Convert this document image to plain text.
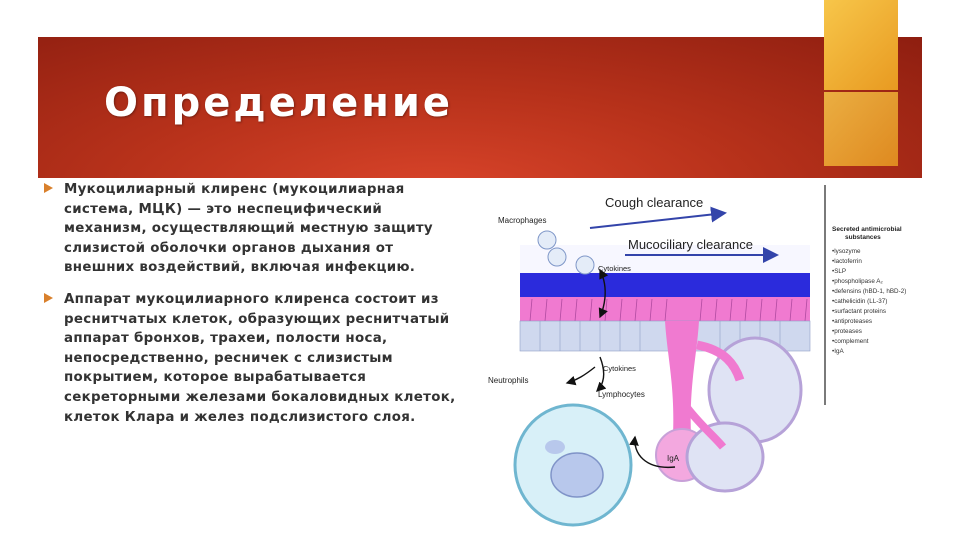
Определение

Мукоцилиарный клиренс (мукоцилиарная система, МЦК) — это неспецифический механизм, осуществляющий местную защиту слизистой оболочки органов дыхания от внешних воздействий, включая инфекцию.

Аппарат мукоцилиарного клиренса состоит из реснитчатых клеток, образующих реснитчатый аппарат бронхов, трахеи, полости носа, непосредственно, ресничек с слизистым покрытием, которое вырабатывается секреторными железами бокаловидных клеток, клеток Клара и желез подслизистого слоя.

Macrophages
Cough clearance
Mucociliary clearance
Cytokines
Cytokines
Neutrophils
Lymphocytes
IgA
Secreted antimicrobial
substances
•lysozyme
•lactoferrin
•SLP
•phospholipase A₂
•defensins (hBD-1, hBD-2)
•cathelicidin (LL-37)
•surfactant proteins
•antiproteases
•proteases
•complement
•IgA
